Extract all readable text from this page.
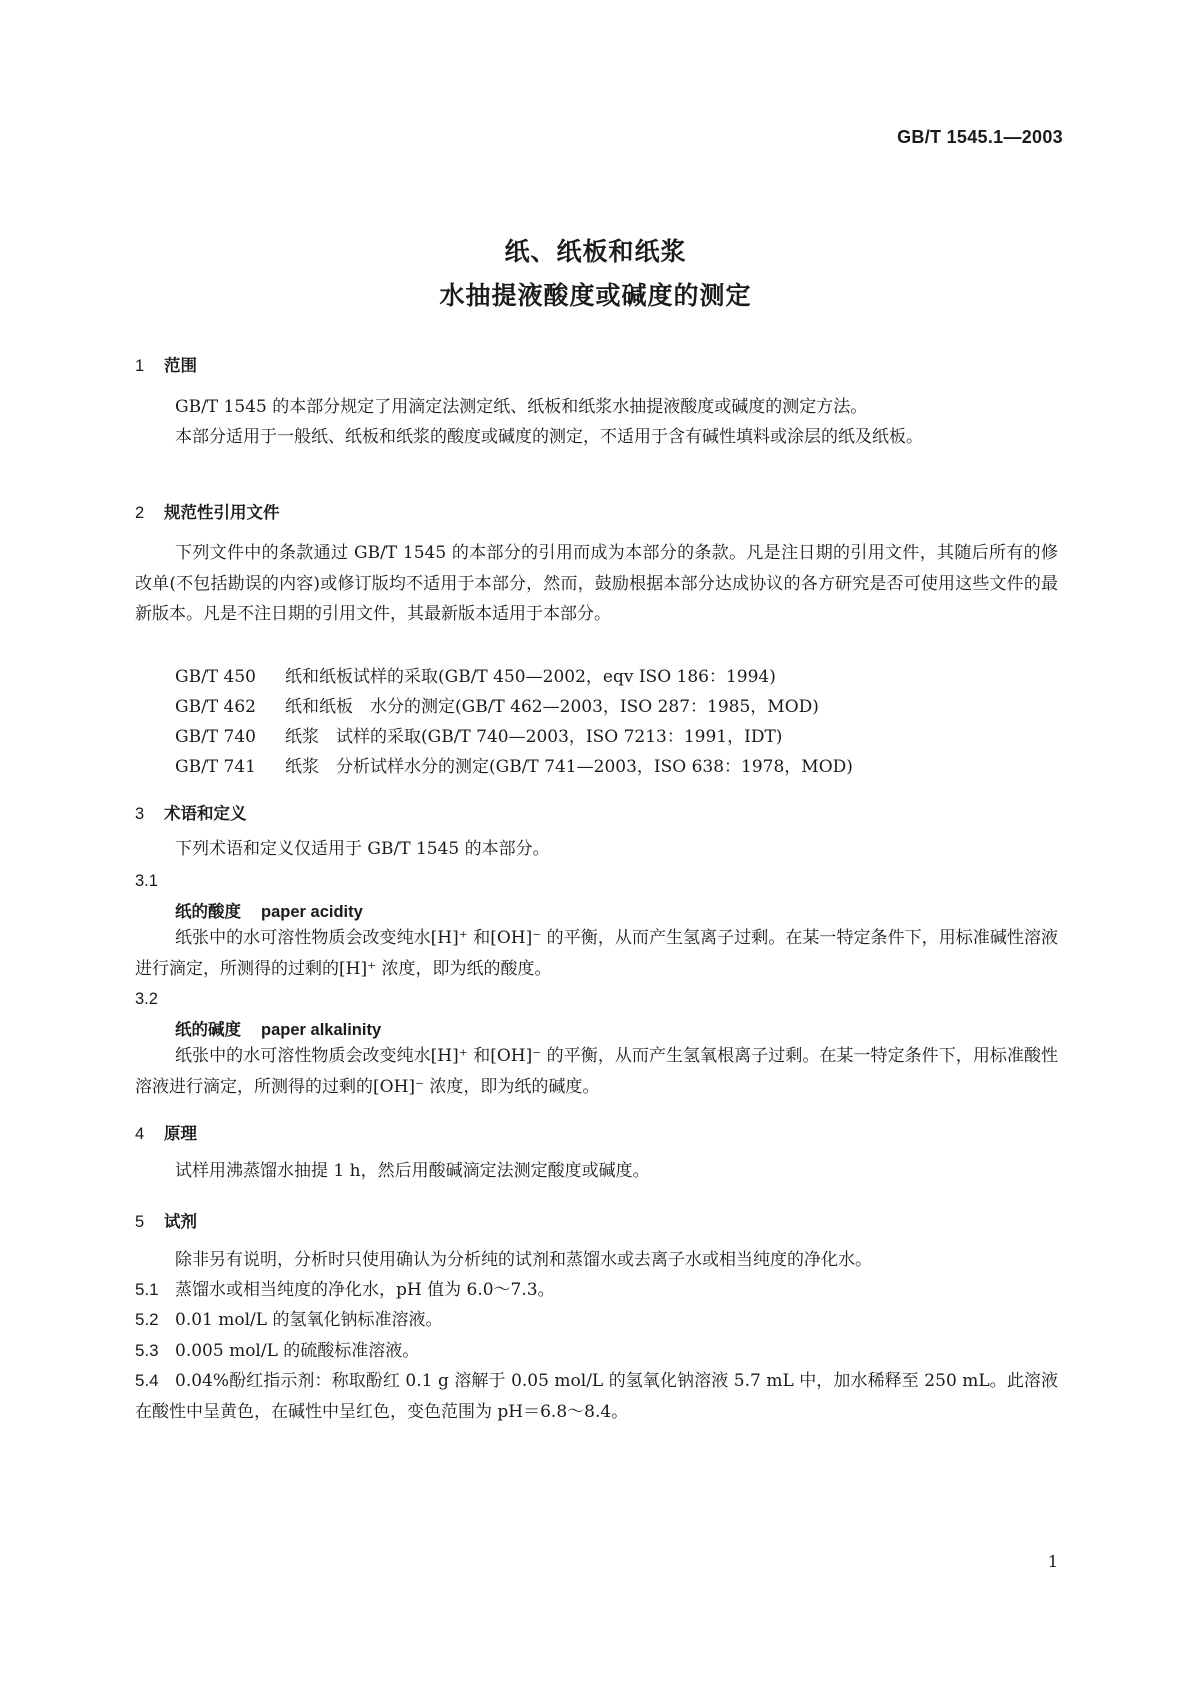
GB/T 1545.1—2003
纸、纸板和纸浆
水抽提液酸度或碱度的测定
1 范围

GB/T 1545 的本部分规定了用滴定法测定纸、纸板和纸浆水抽提液酸度或碱度的测定方法。

本部分适用于一般纸、纸板和纸浆的酸度或碱度的测定，不适用于含有碱性填料或涂层的纸及纸板。

2 规范性引用文件

下列文件中的条款通过 GB/T 1545 的本部分的引用而成为本部分的条款。凡是注日期的引用文件，其随后所有的修改单(不包括勘误的内容)或修订版均不适用于本部分，然而，鼓励根据本部分达成协议的各方研究是否可使用这些文件的最新版本。凡是不注日期的引用文件，其最新版本适用于本部分。

GB/T 450 纸和纸板试样的采取(GB/T 450—2002，eqv ISO 186：1994)
GB/T 462 纸和纸板　水分的测定(GB/T 462—2003，ISO 287：1985，MOD)
GB/T 740 纸浆　试样的采取(GB/T 740—2003，ISO 7213：1991，IDT)
GB/T 741 纸浆　分析试样水分的测定(GB/T 741—2003，ISO 638：1978，MOD)
3 术语和定义

下列术语和定义仅适用于 GB/T 1545 的本部分。

3.1
纸的酸度 paper acidity

纸张中的水可溶性物质会改变纯水[H]⁺ 和[OH]⁻ 的平衡，从而产生氢离子过剩。在某一特定条件下，用标准碱性溶液进行滴定，所测得的过剩的[H]⁺ 浓度，即为纸的酸度。

3.2
纸的碱度 paper alkalinity

纸张中的水可溶性物质会改变纯水[H]⁺ 和[OH]⁻ 的平衡，从而产生氢氧根离子过剩。在某一特定条件下，用标准酸性溶液进行滴定，所测得的过剩的[OH]⁻ 浓度，即为纸的碱度。

4 原理

试样用沸蒸馏水抽提 1 h，然后用酸碱滴定法测定酸度或碱度。

5 试剂

除非另有说明，分析时只使用确认为分析纯的试剂和蒸馏水或去离子水或相当纯度的净化水。

5.1 蒸馏水或相当纯度的净化水，pH 值为 6.0～7.3。

5.2 0.01 mol/L 的氢氧化钠标准溶液。

5.3 0.005 mol/L 的硫酸标准溶液。

5.4 0.04%酚红指示剂：称取酚红 0.1 g 溶解于 0.05 mol/L 的氢氧化钠溶液 5.7 mL 中，加水稀释至 250 mL。此溶液在酸性中呈黄色，在碱性中呈红色，变色范围为 pH＝6.8～8.4。

1
